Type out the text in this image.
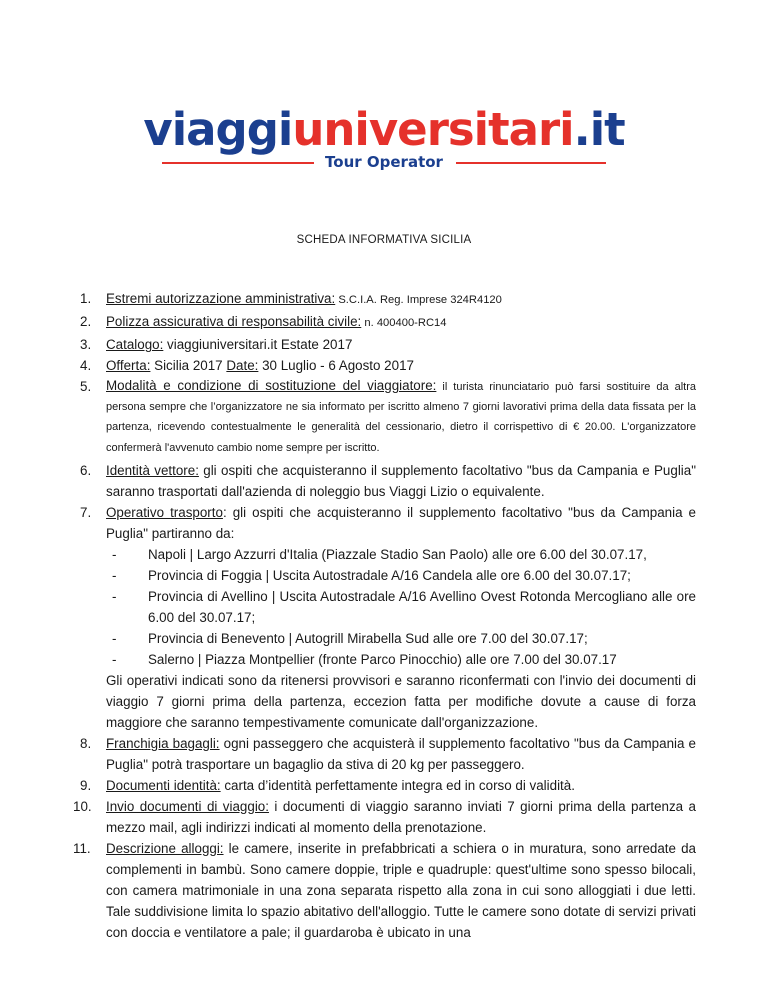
viaggiuniversitari.it
Tour Operator
SCHEDA INFORMATIVA SICILIA
1.	Estremi autorizzazione amministrativa: S.C.I.A. Reg. Imprese 324R4120
2.	Polizza assicurativa di responsabilità civile: n. 400400-RC14
3.	Catalogo: viaggiuniversitari.it Estate 2017
4.	Offerta: Sicilia 2017 Date: 30 Luglio - 6 Agosto 2017
5.	Modalità e condizione di sostituzione del viaggiatore: il turista rinunciatario può farsi sostituire da altra persona sempre che l’organizzatore ne sia informato per iscritto almeno 7 giorni lavorativi prima della data fissata per la partenza, ricevendo contestualmente le generalità del cessionario, dietro il corrispettivo di € 20.00. L'organizzatore confermerà l'avvenuto cambio nome sempre per iscritto.
6.	Identità vettore: gli ospiti che acquisteranno il supplemento facoltativo "bus da Campania e Puglia" saranno trasportati dall'azienda di noleggio bus Viaggi Lizio o equivalente.
7.	Operativo trasporto: gli ospiti che acquisteranno il supplemento facoltativo "bus da Campania e Puglia" partiranno da:
- Napoli | Largo Azzurri d'Italia (Piazzale Stadio San Paolo) alle ore 6.00 del 30.07.17,
- Provincia di Foggia | Uscita Autostradale A/16 Candela alle ore 6.00 del 30.07.17;
- Provincia di Avellino | Uscita Autostradale A/16 Avellino Ovest Rotonda Mercogliano alle ore 6.00 del 30.07.17;
- Provincia di Benevento | Autogrill Mirabella Sud alle ore 7.00 del 30.07.17;
- Salerno | Piazza Montpellier (fronte Parco Pinocchio) alle ore 7.00 del 30.07.17
Gli operativi indicati sono da ritenersi provvisori e saranno riconfermati con l'invio dei documenti di viaggio 7 giorni prima della partenza, eccezion fatta per modifiche dovute a cause di forza maggiore che saranno tempestivamente comunicate dall'organizzazione.
8.	Franchigia bagagli: ogni passeggero che acquisterà il supplemento facoltativo "bus da Campania e Puglia" potrà trasportare un bagaglio da stiva di 20 kg per passeggero.
9.	Documenti identità: carta d’identità perfettamente integra ed in corso di validità.
10.	Invio documenti di viaggio: i documenti di viaggio saranno inviati 7 giorni prima della partenza a mezzo mail, agli indirizzi indicati al momento della prenotazione.
11.	Descrizione alloggi: le camere, inserite in prefabbricati a schiera o in muratura, sono arredate da complementi in bambù. Sono camere doppie, triple e quadruple: quest'ultime sono spesso bilocali, con camera matrimoniale in una zona separata rispetto alla zona in cui sono alloggiati i due letti. Tale suddivisione limita lo spazio abitativo dell'alloggio. Tutte le camere sono dotate di servizi privati con doccia e ventilatore a pale; il guardaroba è ubicato in una
